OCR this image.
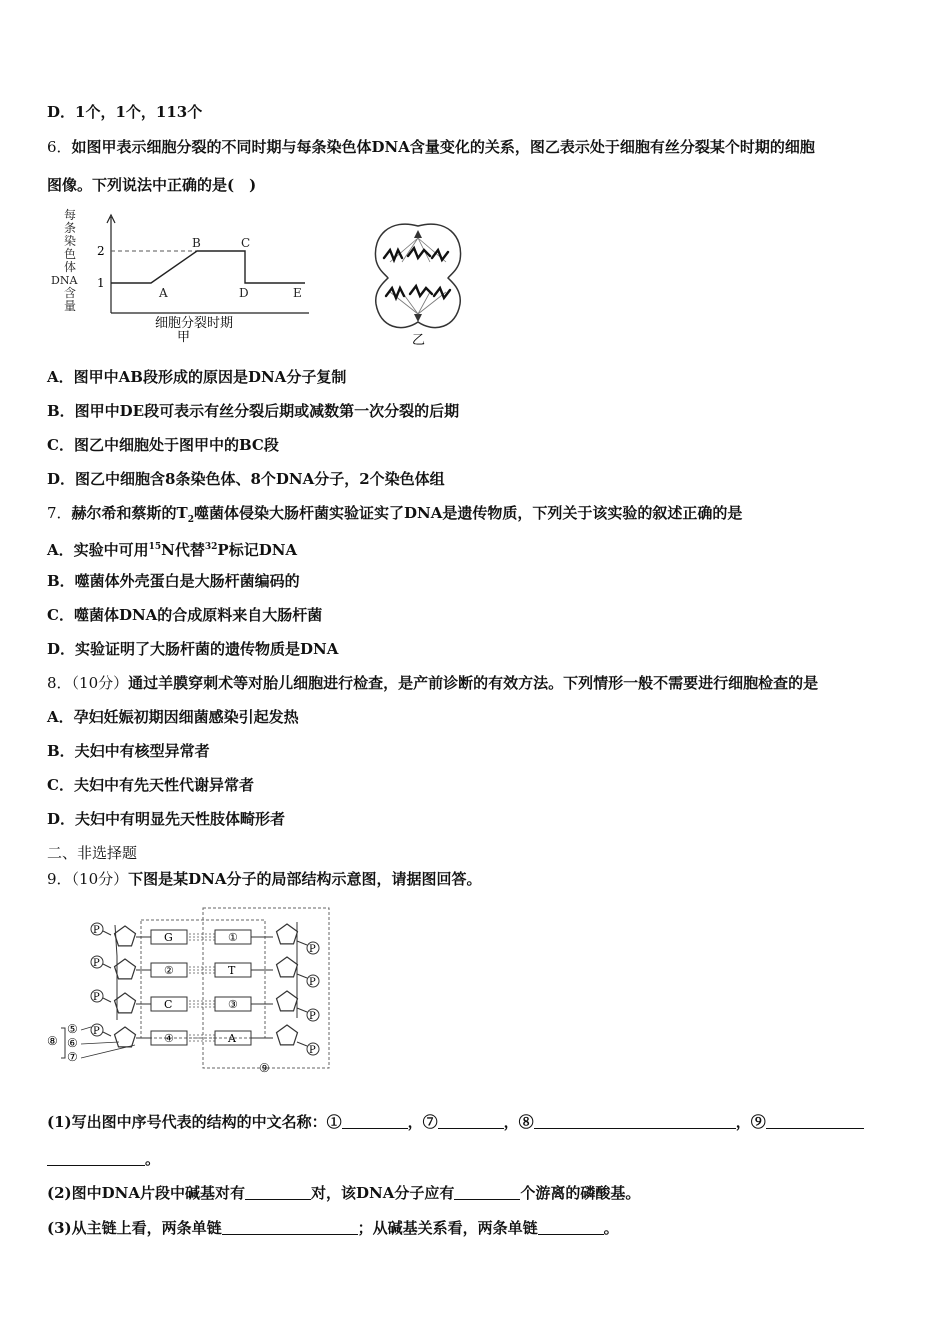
D．1个，1个，113个
6．如图甲表示细胞分裂的不同时期与每条染色体DNA含量变化的关系，图乙表示处于细胞有丝分裂某个时期的细胞
图像。下列说法中正确的是(　)
每
条
染
色
体
DNA
含
量
2
1
A
B	C
D	E
细胞分裂时期
甲	乙
A．图甲中AB段形成的原因是DNA分子复制
B．图甲中DE段可表示有丝分裂后期或减数第一次分裂的后期
C．图乙中细胞处于图甲中的BC段
D．图乙中细胞含8条染色体、8个DNA分子，2个染色体组
7．赫尔希和蔡斯的$T_2$噬菌体侵染大肠杆菌实验证实了DNA是遗传物质，下列关于该实验的叙述正确的是
A．实验中可用$^{15}$N代替$^{32}$P标记DNA
B．噬菌体外壳蛋白是大肠杆菌编码的
C．噬菌体DNA的合成原料来自大肠杆菌
D．实验证明了大肠杆菌的遗传物质是DNA
8．（10分）通过羊膜穿刺术等对胎儿细胞进行检查，是产前诊断的有效方法。下列情形一般不需要进行细胞检查的是
A．孕妇妊娠初期因细菌感染引起发热
B．夫妇中有核型异常者
C．夫妇中有先天性代谢异常者
D．夫妇中有明显先天性肢体畸形者
二、非选择题
9．（10分）下图是某DNA分子的局部结构示意图，请据图回答。
P
G	①
P
P
②	T
P
P
C	③
P
P
④	A
P
⑧
⑤
⑥
⑦
⑨
(1)写出图中序号代表的结构的中文名称：①	，⑦	，⑧	，⑨
。
(2)图中DNA片段中碱基对有	对，该DNA分子应有	个游离的磷酸基。
(3)从主链上看，两条单链	；从碱基关系看，两条单链	。
